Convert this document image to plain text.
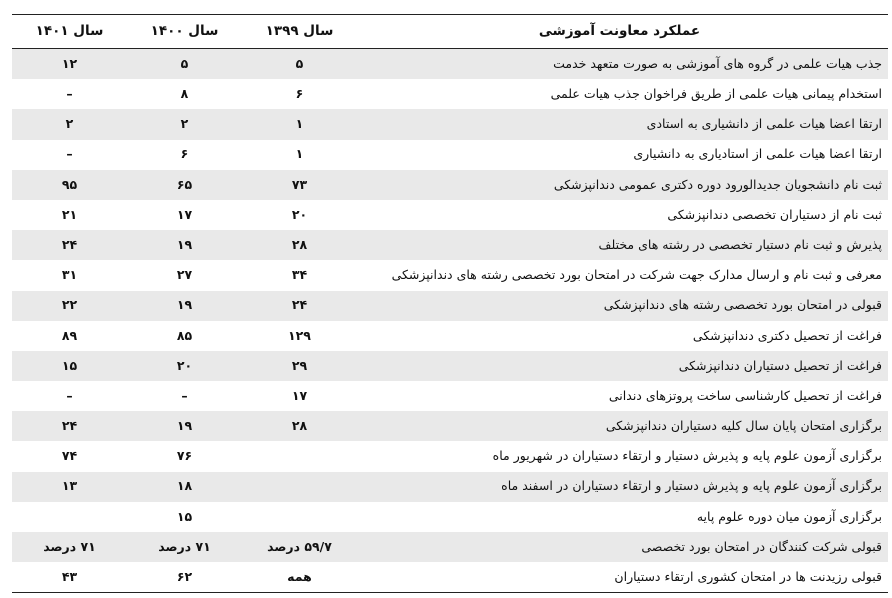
عملکرد معاونت آموزشی	سال ۱۳۹۹	سال ۱۴۰۰	سال ۱۴۰۱
جذب هیات علمی در گروه های آموزشی به صورت متعهد خدمت	۵	۵	۱۲
استخدام پیمانی هیات علمی از طریق فراخوان جذب هیات علمی	۶	۸	–
ارتقا اعضا هیات علمی از دانشیاری به استادی	۱	۲	۲
ارتقا اعضا هیات علمی از استادیاری به دانشیاری	۱	۶	–
ثبت نام دانشجویان جدیدالورود دوره دکتری عمومی دندانپزشکی	۷۳	۶۵	۹۵
ثبت نام از دستیاران تخصصی دندانپزشکی	۲۰	۱۷	۲۱
پذیرش و ثبت نام دستیار تخصصی در رشته های مختلف	۲۸	۱۹	۲۴
معرفی و ثبت نام و ارسال مدارک جهت شرکت در امتحان بورد تخصصی رشته های دندانپزشکی	۳۴	۲۷	۳۱
قبولی در امتحان بورد تخصصی رشته های دندانپزشکی	۲۴	۱۹	۲۲
فراغت از تحصیل دکتری دندانپزشکی	۱۲۹	۸۵	۸۹
فراغت از تحصیل دستیاران دندانپزشکی	۲۹	۲۰	۱۵
فراغت از تحصیل کارشناسی ساخت پروتزهای دندانی	۱۷	–	–
برگزاری امتحان پایان سال کلیه دستیاران دندانپزشکی	۲۸	۱۹	۲۴
برگزاری آزمون علوم پایه و پذیرش دستیار و ارتقاء دستیاران در شهریور ماه		۷۶	۷۴
برگزاری آزمون علوم پایه و پذیرش دستیار و ارتقاء دستیاران در اسفند ماه		۱۸	۱۳
برگزاری آزمون میان دوره علوم پایه		۱۵	
قبولی شرکت کنندگان در امتحان بورد تخصصی	۵۹/۷ درصد	۷۱ درصد	۷۱ درصد
قبولی رزیدنت ها در امتحان کشوری ارتقاء دستیاران	همه	۶۲	۴۳
